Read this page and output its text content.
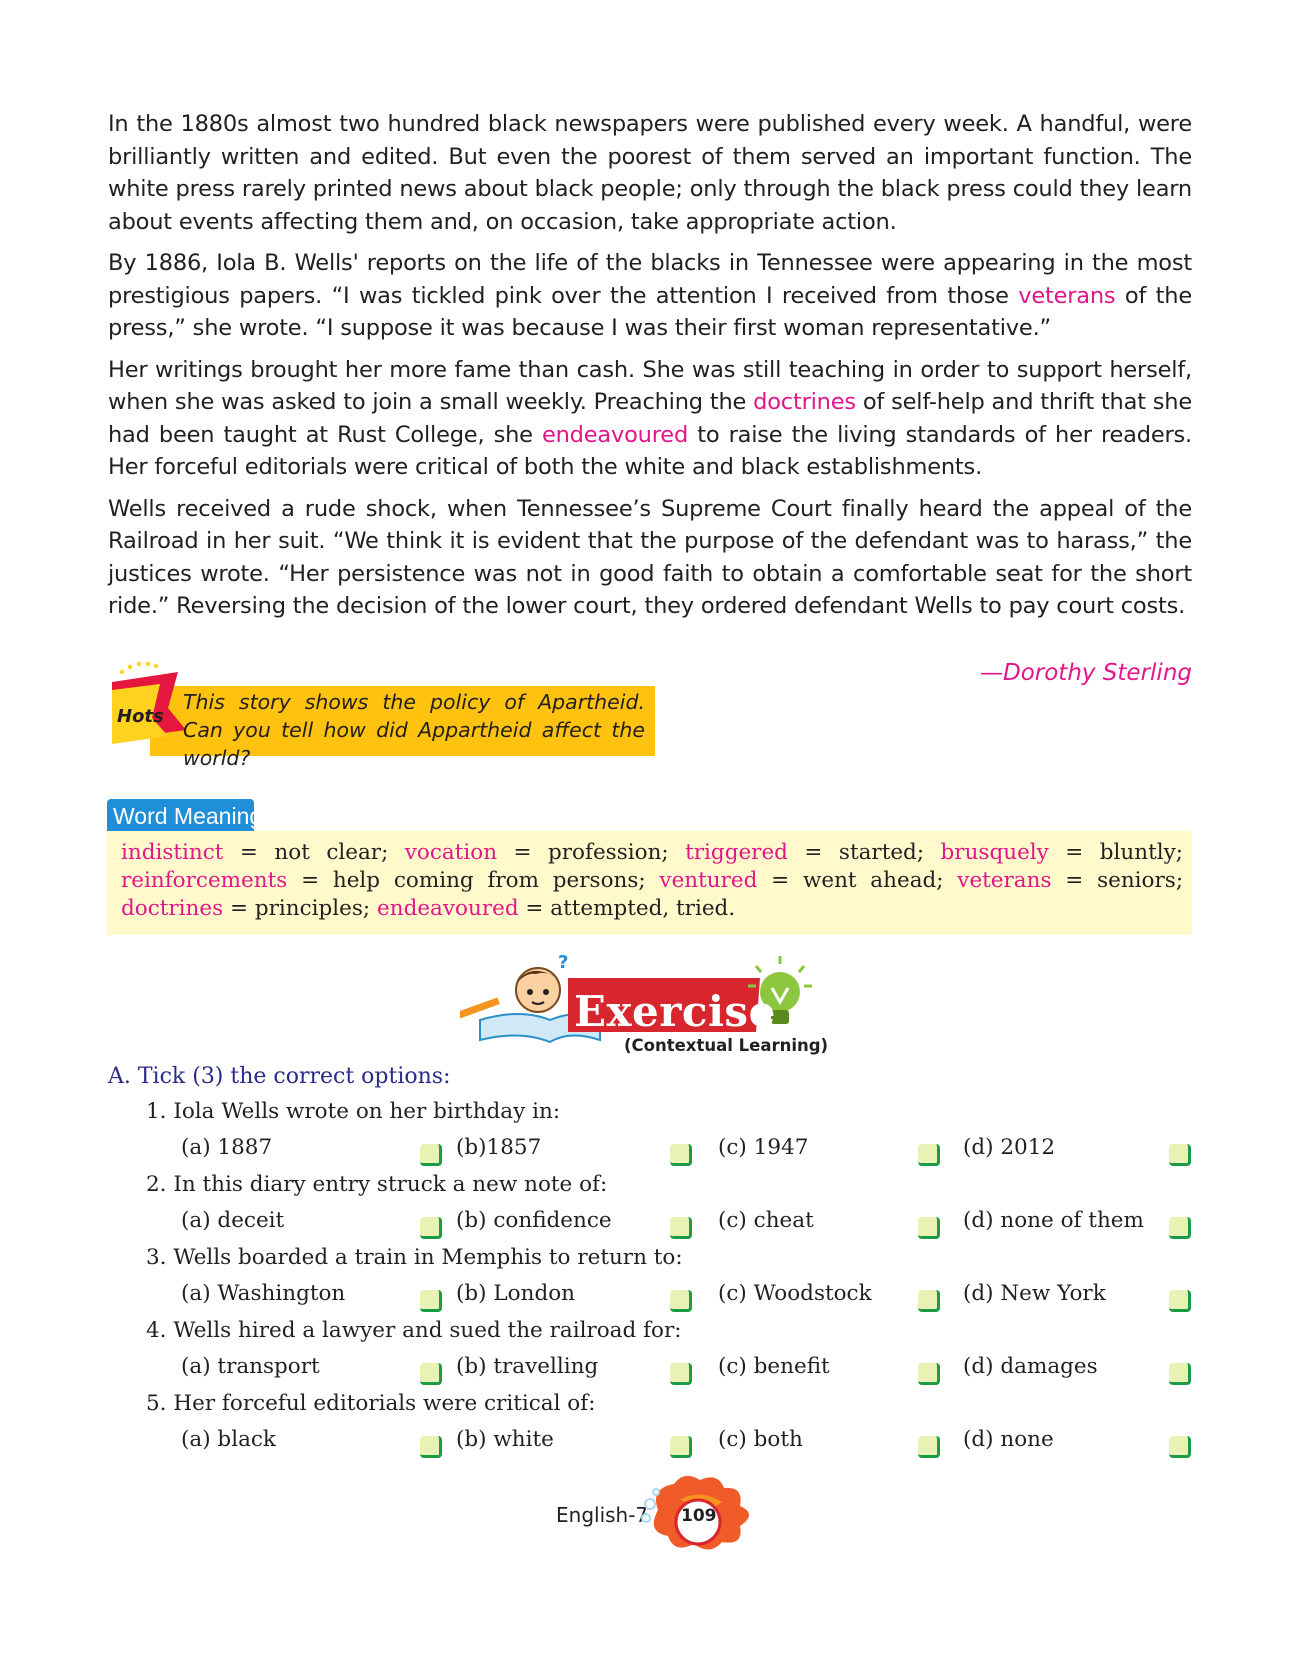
In the 1880s almost two hundred black newspapers were published every week. A handful, were brilliantly written and edited. But even the poorest of them served an important function. The white press rarely printed news about black people; only through the black press could they learn about events affecting them and, on occasion, take appropriate action.

By 1886, Iola B. Wells' reports on the life of the blacks in Tennessee were appearing in the most prestigious papers. “I was tickled pink over the attention I received from those veterans of the press,” she wrote. “I suppose it was because I was their first woman representative.”

Her writings brought her more fame than cash. She was still teaching in order to support herself, when she was asked to join a small weekly. Preaching the doctrines of self-help and thrift that she had been taught at Rust College, she endeavoured to raise the living standards of her readers. Her forceful editorials were critical of both the white and black establishments.

Wells received a rude shock, when Tennessee’s Supreme Court finally heard the appeal of the Railroad in her suit. “We think it is evident that the purpose of the defendant was to harass,” the justices wrote. “Her persistence was not in good faith to obtain a comfortable seat for the short ride.” Reversing the decision of the lower court, they ordered defendant Wells to pay court costs.

—Dorothy Sterling
Hots
This story shows the policy of Apartheid. Can you tell how did Appartheid affect the world?
Word Meaning
indistinct = not clear; vocation = profession; triggered = started; brusquely = bluntly; reinforcements = help coming from persons; ventured = went ahead; veterans = seniors; doctrines = principles; endeavoured = attempted, tried.
?
Exercise
(Contextual Learning)
A. Tick (3) the correct options:
1. Iola Wells wrote on her birthday in:
(a) 1887	(b)1857	(c) 1947	(d) 2012
2. In this diary entry struck a new note of:
(a) deceit	(b) confidence	(c) cheat	(d) none of them
3. Wells boarded a train in Memphis to return to:
(a) Washington	(b) London	(c) Woodstock	(d) New York
4. Wells hired a lawyer and sued the railroad for:
(a) transport	(b) travelling	(c) benefit	(d) damages
5. Her forceful editorials were critical of:
(a) black	(b) white	(c) both	(d) none
English-7 109
